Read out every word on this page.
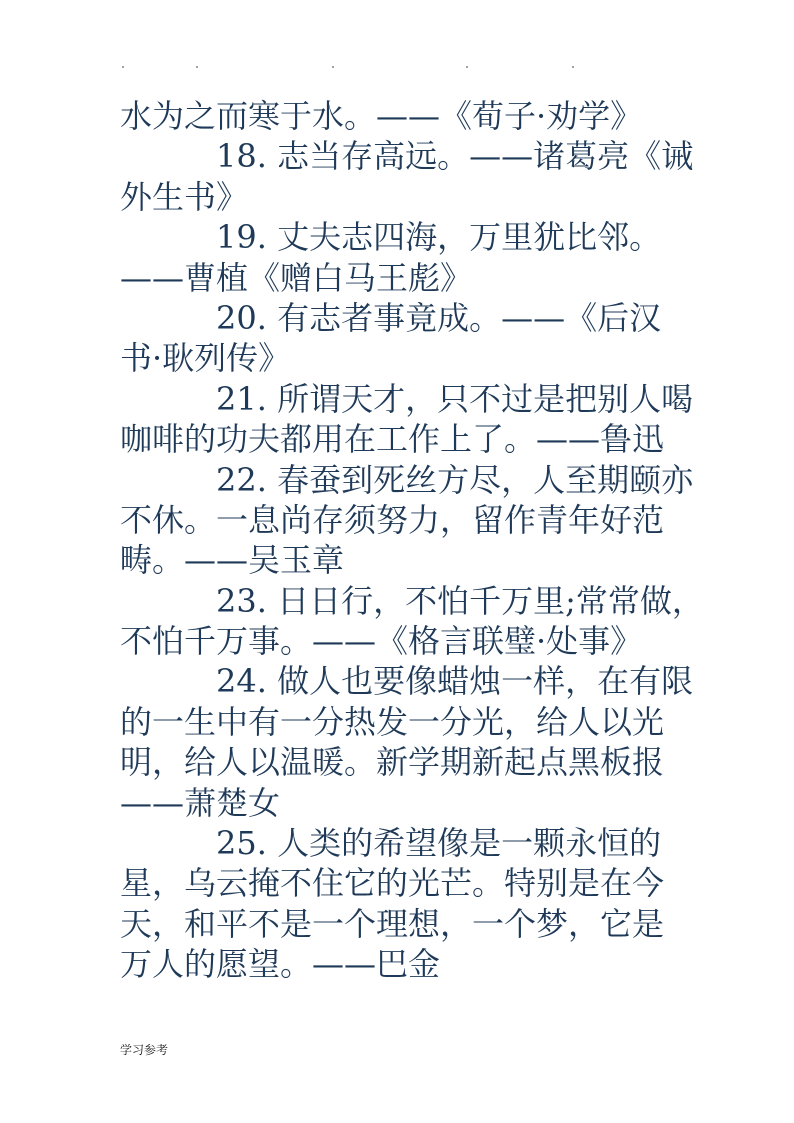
水为之而寒于水。——《荀子·劝学》
18. 志当存高远。——诸葛亮《诫
外生书》
19. 丈夫志四海，万里犹比邻。
——曹植《赠白马王彪》
20. 有志者事竟成。——《后汉
书·耿列传》
21. 所谓天才，只不过是把别人喝
咖啡的功夫都用在工作上了。——鲁迅
22. 春蚕到死丝方尽，人至期颐亦
不休。一息尚存须努力，留作青年好范
畴。——吴玉章
23. 日日行，不怕千万里;常常做，
不怕千万事。——《格言联璧·处事》
24. 做人也要像蜡烛一样，在有限
的一生中有一分热发一分光，给人以光
明，给人以温暖。新学期新起点黑板报
——萧楚女
25. 人类的希望像是一颗永恒的
星，乌云掩不住它的光芒。特别是在今
天，和平不是一个理想，一个梦，它是
万人的愿望。——巴金
学习参考
